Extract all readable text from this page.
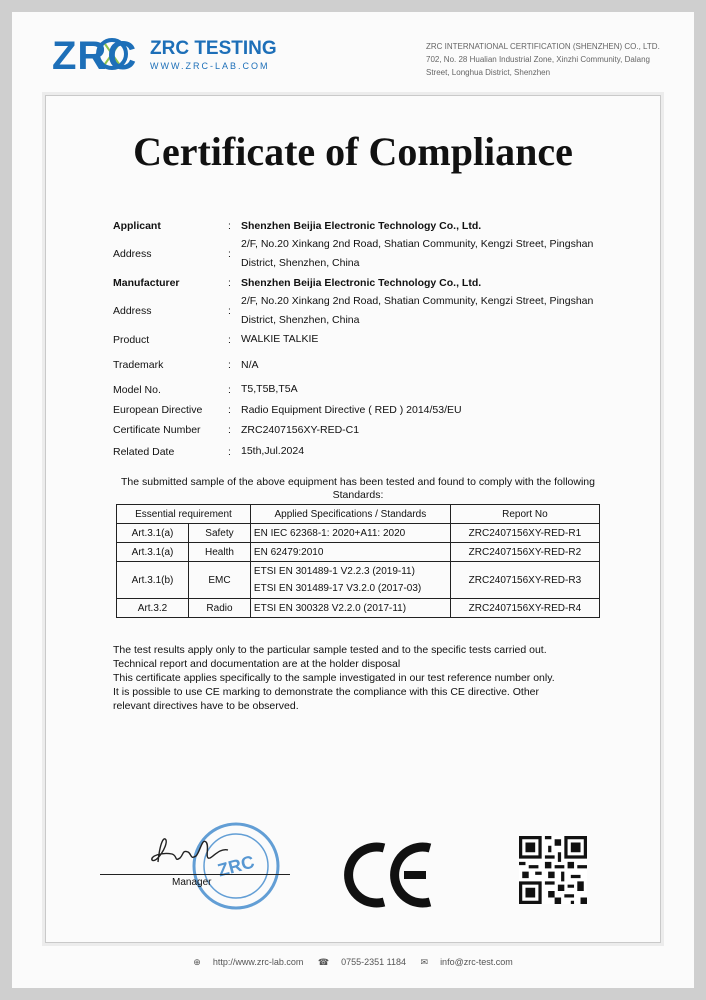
ZRC ZRC TESTING
WWW.ZRC-LAB.COM
ZRC INTERNATIONAL CERTIFICATION (SHENZHEN) CO., LTD.
702, No. 28 Hualian Industrial Zone, Xinzhi Community, Dalang
Street, Longhua District, Shenzhen
Certificate of Compliance
Applicant	: Shenzhen Beijia Electronic Technology Co., Ltd.
Address	:
2/F, No.20 Xinkang 2nd Road, Shatian Community, Kengzi Street, Pingshan
District, Shenzhen, China
Manufacturer	: Shenzhen Beijia Electronic Technology Co., Ltd.
Address	:
2/F, No.20 Xinkang 2nd Road, Shatian Community, Kengzi Street, Pingshan
District, Shenzhen, China
Product	: WALKIE TALKIE
Trademark	: N/A
Model No.	: T5,T5B,T5A
European Directive : Radio Equipment Directive ( RED ) 2014/53/EU
Certificate Number	: ZRC2407156XY-RED-C1
Related Date	: 15th,Jul.2024
The submitted sample of the above equipment has been tested and found to comply with the following
Standards:
Essential requirement		Applied Specifications / Standards	Report No
Art.3.1(a)	Safety	EN IEC 62368-1: 2020+A11: 2020	ZRC2407156XY-RED-R1
Art.3.1(a)	Health	EN 62479:2010	ZRC2407156XY-RED-R2
Art.3.1(b)	EMC	ETSI EN 301489-1 V2.2.3 (2019-11)
ETSI EN 301489-17 V3.2.0 (2017-03)	ZRC2407156XY-RED-R3
Art.3.2	Radio	ETSI EN 300328 V2.2.0 (2017-11)	ZRC2407156XY-RED-R4
The test results apply only to the particular sample tested and to the specific tests carried out.
Technical report and documentation are at the holder disposal
This certificate applies specifically to the sample investigated in our test reference number only.
It is possible to use CE marking to demonstrate the compliance with this CE directive. Other
relevant directives have to be observed.
ZRC
Manager
⊕ http://www.zrc-lab.com ☎ 0755-2351 1184 ✉ info@zrc-test.com
